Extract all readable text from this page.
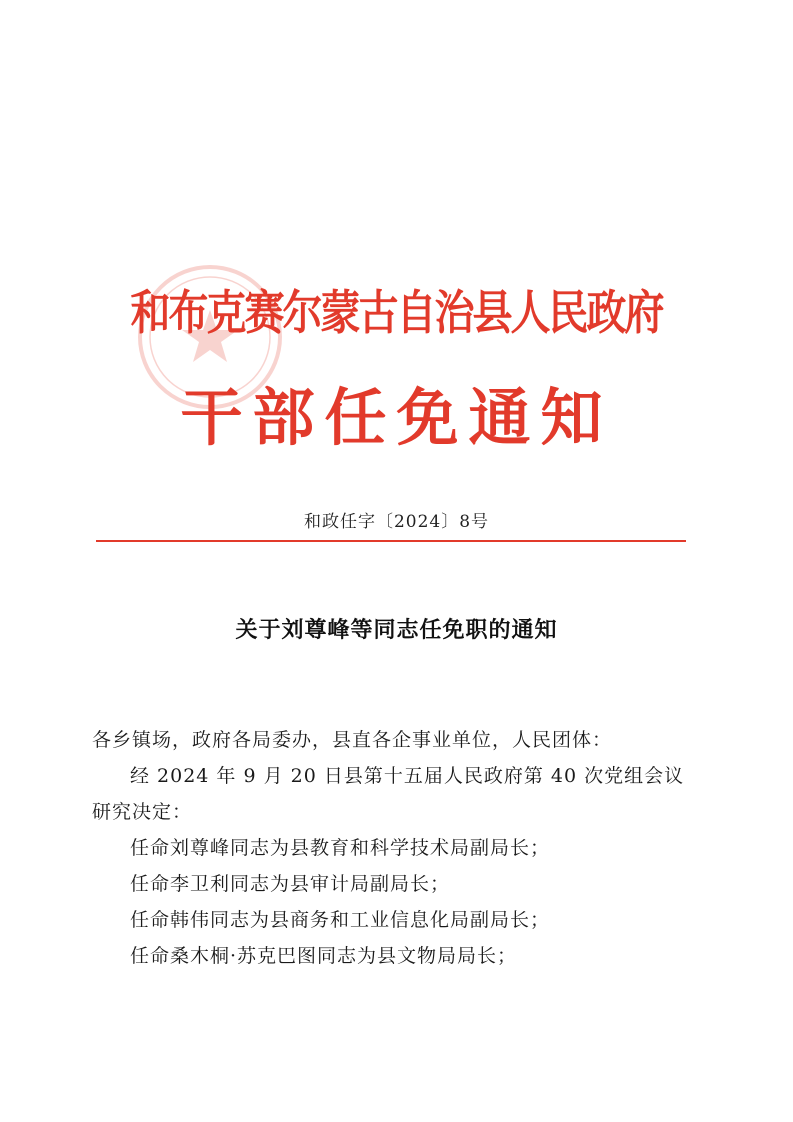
和布克赛尔蒙古自治县人民政府
干部任免通知
和政任字〔2024〕8号
关于刘尊峰等同志任免职的通知

各乡镇场，政府各局委办，县直各企事业单位，人民团体：

经 2024 年 9 月 20 日县第十五届人民政府第 40 次党组会议

研究决定：

任命刘尊峰同志为县教育和科学技术局副局长；

任命李卫利同志为县审计局副局长；

任命韩伟同志为县商务和工业信息化局副局长；

任命桑木桐·苏克巴图同志为县文物局局长；
